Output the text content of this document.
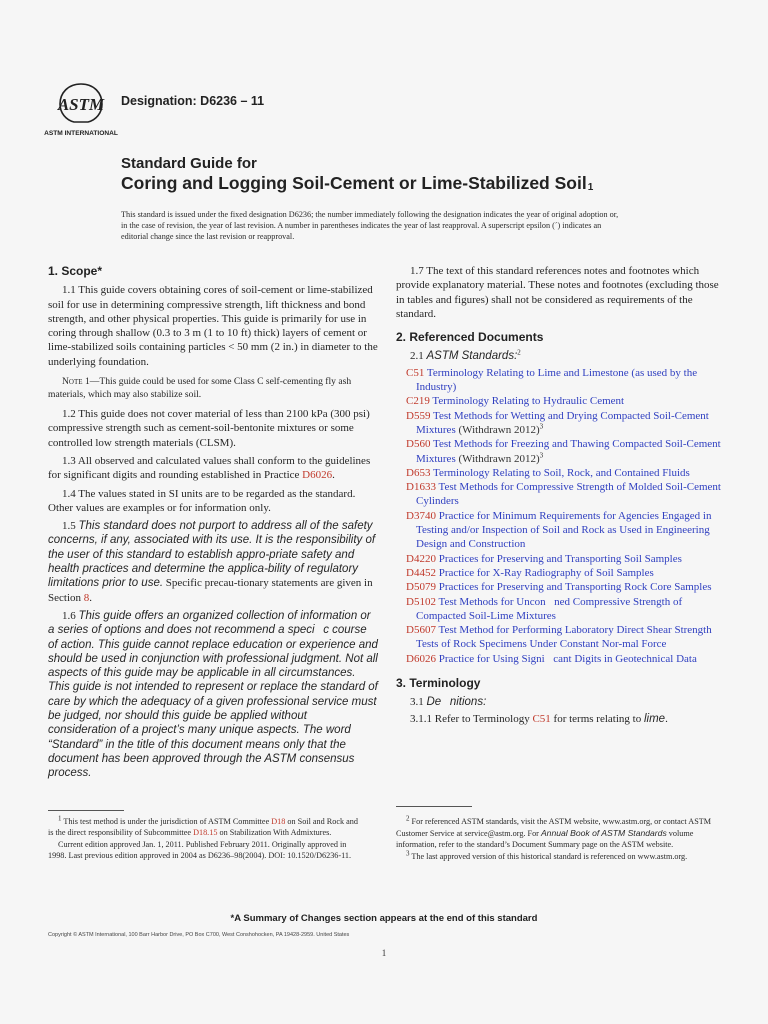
ASTM
ASTM INTERNATIONAL
Designation: D6236 – 11
Standard Guide for
Coring and Logging Soil-Cement or Lime-Stabilized Soil$^1$
This standard is issued under the fixed designation D6236; the number immediately following the designation indicates the year of original adoption or, in the case of revision, the year of last revision. A number in parentheses indicates the year of last reapproval. A superscript epsilon (´) indicates an editorial change since the last revision or reapproval.
1. Scope*

1.1 This guide covers obtaining cores of soil-cement or lime-stabilized soil for use in determining compressive strength, lift thickness and bond strength, and other physical properties. This guide is primarily for use in coring through shallow (0.3 to 3 m (1 to 10 ft) thick) layers of cement or lime-stabilized soils containing particles < 50 mm (2 in.) in diameter to the underlying foundation.

Note 1—This guide could be used for some Class C self-cementing fly ash materials, which may also stabilize soil.

1.2 This guide does not cover material of less than 2100 kPa (300 psi) compressive strength such as cement-soil-bentonite mixtures or some controlled low strength materials (CLSM).

1.3 All observed and calculated values shall conform to the guidelines for significant digits and rounding established in Practice D6026.

1.4 The values stated in SI units are to be regarded as the standard. Other values are examples or for information only.

1.5 This standard does not purport to address all of the safety concerns, if any, associated with its use. It is the responsibility of the user of this standard to establish appro-priate safety and health practices and determine the applica-bility of regulatory limitations prior to use. Specific precau-tionary statements are given in Section 8.

1.6 This guide offers an organized collection of information or a series of options and does not recommend a speci c course of action. This guide cannot replace education or experience and should be used in conjunction with professional judgment. Not all aspects of this guide may be applicable in all circumstances. This guide is not intended to represent or replace the standard of care by which the adequacy of a given professional service must be judged, nor should this guide be applied without consideration of a project’s many unique aspects. The word “Standard” in the title of this document means only that the document has been approved through the ASTM consensus process.

1.7 The text of this standard references notes and footnotes which provide explanatory material. These notes and footnotes (excluding those in tables and figures) shall not be considered as requirements of the standard.

2. Referenced Documents

2.1 ASTM Standards:$^2$

C51 Terminology Relating to Lime and Limestone (as used by the Industry)
C219 Terminology Relating to Hydraulic Cement
D559 Test Methods for Wetting and Drying Compacted Soil-Cement Mixtures (Withdrawn 2012)$^3$
D560 Test Methods for Freezing and Thawing Compacted Soil-Cement Mixtures (Withdrawn 2012)$^3$
D653 Terminology Relating to Soil, Rock, and Contained Fluids
D1633 Test Methods for Compressive Strength of Molded Soil-Cement Cylinders
D3740 Practice for Minimum Requirements for Agencies Engaged in Testing and/or Inspection of Soil and Rock as Used in Engineering Design and Construction
D4220 Practices for Preserving and Transporting Soil Samples
D4452 Practice for X-Ray Radiography of Soil Samples
D5079 Practices for Preserving and Transporting Rock Core Samples
D5102 Test Methods for Uncon ned Compressive Strength of Compacted Soil-Lime Mixtures
D5607 Test Method for Performing Laboratory Direct Shear Strength Tests of Rock Specimens Under Constant Nor-mal Force
D6026 Practice for Using Signi cant Digits in Geotechnical Data
3. Terminology

3.1 De nitions:

3.1.1 Refer to Terminology C51 for terms relating to lime.

$^1$ This test method is under the jurisdiction of ASTM Committee D18 on Soil and Rock and is the direct responsibility of Subcommittee D18.15 on Stabilization With Admixtures.

Current edition approved Jan. 1, 2011. Published February 2011. Originally approved in 1998. Last previous edition approved in 2004 as D6236–98(2004). DOI: 10.1520/D6236-11.

$^2$ For referenced ASTM standards, visit the ASTM website, www.astm.org, or contact ASTM Customer Service at service@astm.org. For Annual Book of ASTM Standards volume information, refer to the standard’s Document Summary page on the ASTM website.

$^3$ The last approved version of this historical standard is referenced on www.astm.org.

*A Summary of Changes section appears at the end of this standard
Copyright © ASTM International, 100 Barr Harbor Drive, PO Box C700, West Conshohocken, PA 19428-2959. United States
1
